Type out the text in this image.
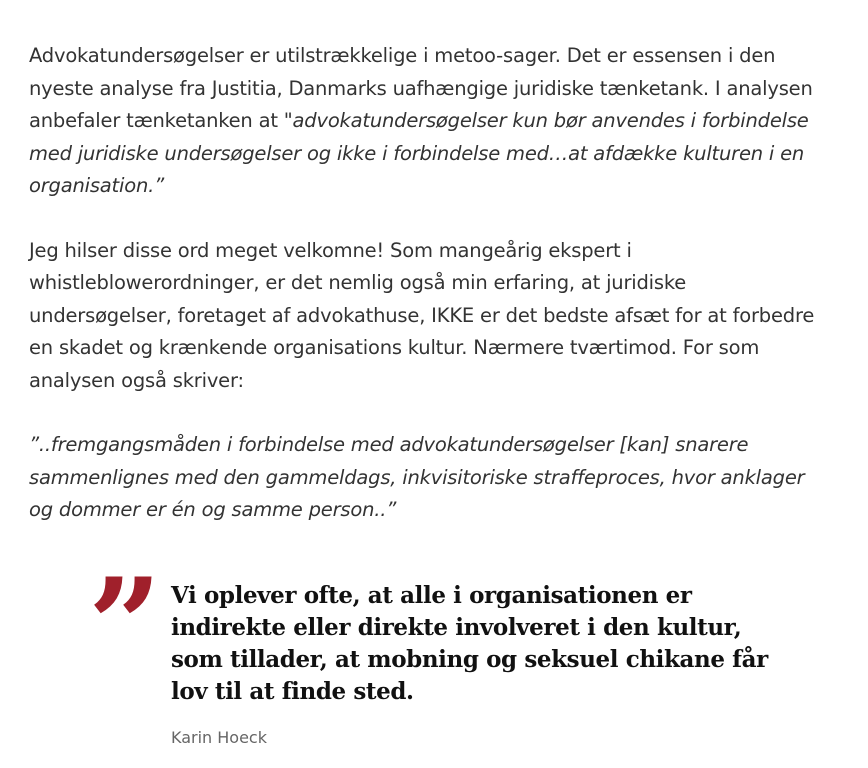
Advokatundersøgelser er utilstrækkelige i metoo-sager. Det er essensen i den nyeste analyse fra Justitia, Danmarks uafhængige juridiske tænketank. I analysen anbefaler tænketanken at "advokatundersøgelser kun bør anvendes i forbindelse med juridiske undersøgelser og ikke i forbindelse med…at afdække kulturen i en organisation.”

Jeg hilser disse ord meget velkomne! Som mangeårig ekspert i whistleblowerordninger, er det nemlig også min erfaring, at juridiske undersøgelser, foretaget af advokathuse, IKKE er det bedste afsæt for at forbedre en skadet og krænkende organisations kultur. Nærmere tværtimod. For som analysen også skriver:

”..fremgangsmåden i forbindelse med advokatundersøgelser [kan] snarere sammenlignes med den gammeldags, inkvisitoriske straffeproces, hvor anklager og dommer er én og samme person..”

” Vi oplever ofte, at alle i organisationen er indirekte eller direkte involveret i den kultur, som tillader, at mobning og seksuel chikane får lov til at finde sted.
Karin Hoeck
